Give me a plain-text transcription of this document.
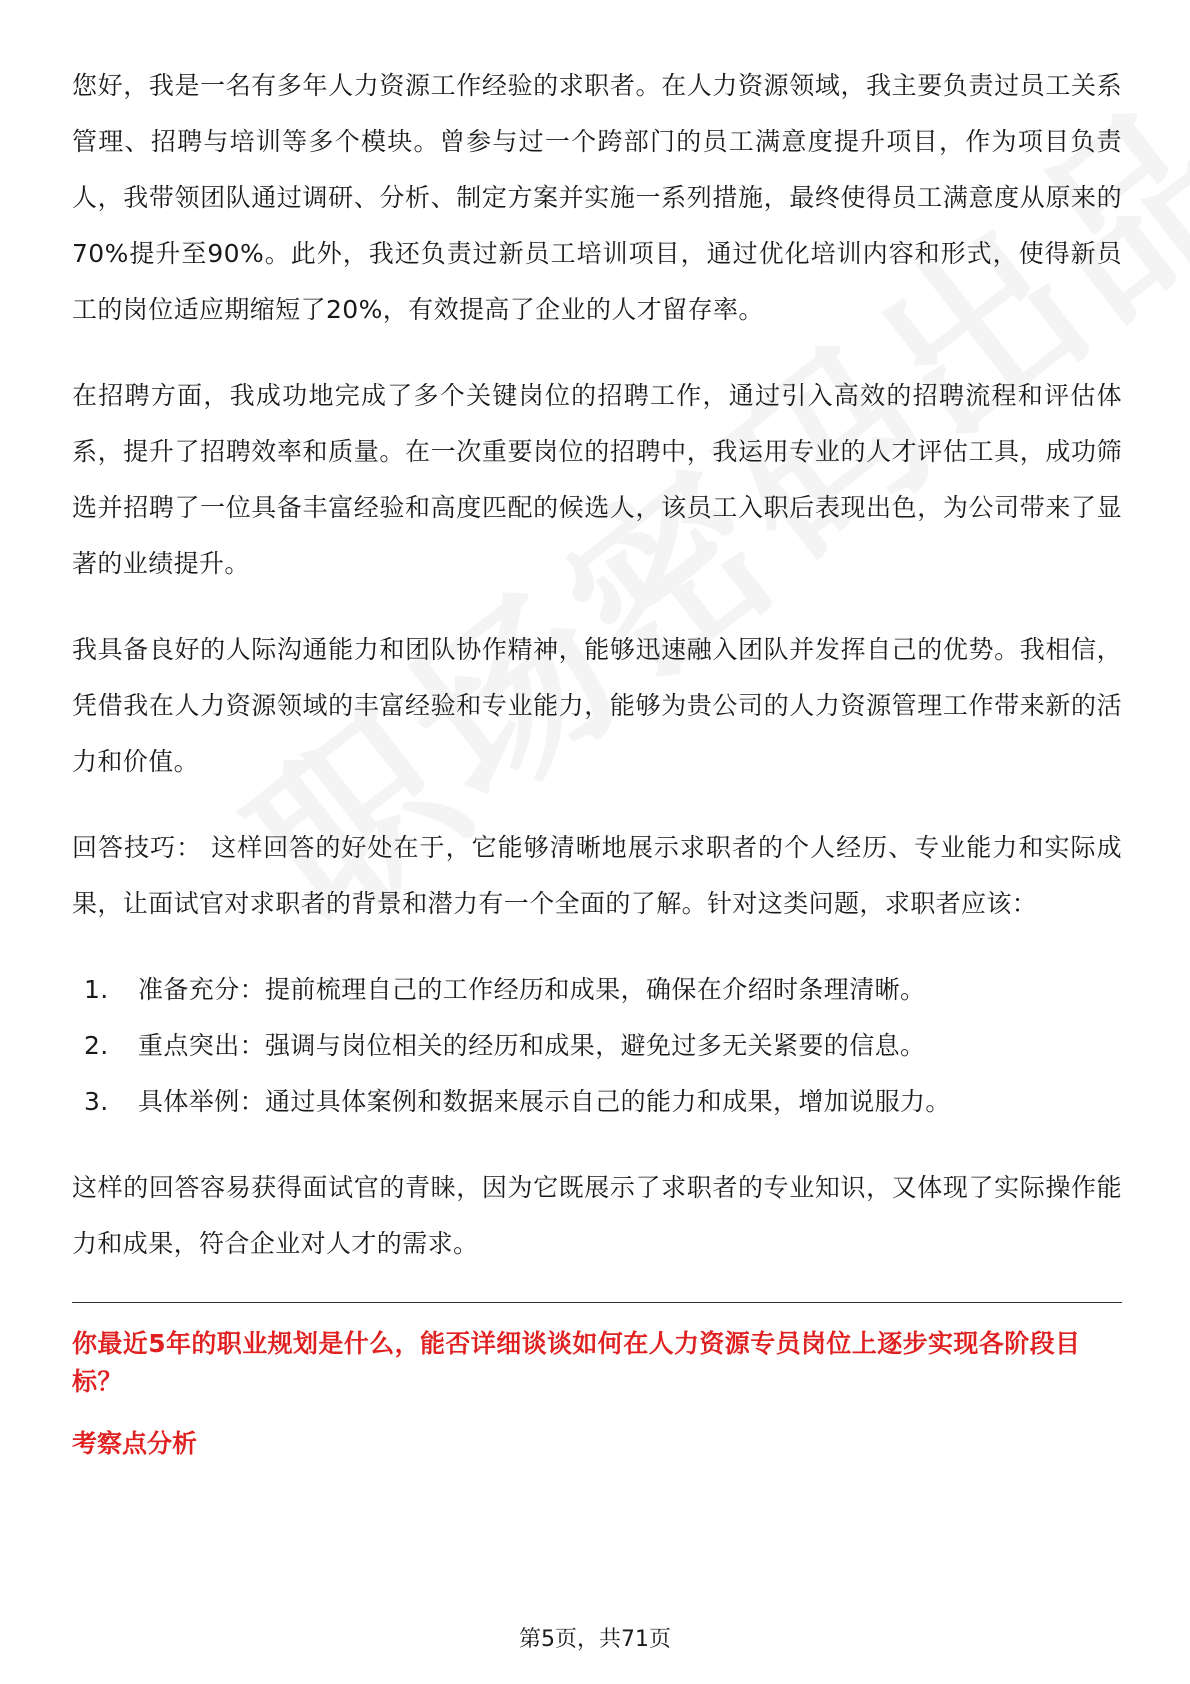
您好，我是一名有多年人力资源工作经验的求职者。在人力资源领域，我主要负责过员工关系管理、招聘与培训等多个模块。曾参与过一个跨部门的员工满意度提升项目，作为项目负责人，我带领团队通过调研、分析、制定方案并实施一系列措施，最终使得员工满意度从原来的70%提升至90%。此外，我还负责过新员工培训项目，通过优化培训内容和形式，使得新员工的岗位适应期缩短了20%，有效提高了企业的人才留存率。

在招聘方面，我成功地完成了多个关键岗位的招聘工作，通过引入高效的招聘流程和评估体系，提升了招聘效率和质量。在一次重要岗位的招聘中，我运用专业的人才评估工具，成功筛选并招聘了一位具备丰富经验和高度匹配的候选人，该员工入职后表现出色，为公司带来了显著的业绩提升。

我具备良好的人际沟通能力和团队协作精神，能够迅速融入团队并发挥自己的优势。我相信，凭借我在人力资源领域的丰富经验和专业能力，能够为贵公司的人力资源管理工作带来新的活力和价值。

回答技巧： 这样回答的好处在于，它能够清晰地展示求职者的个人经历、专业能力和实际成果，让面试官对求职者的背景和潜力有一个全面的了解。针对这类问题，求职者应该：

1.	准备充分：提前梳理自己的工作经历和成果，确保在介绍时条理清晰。
2.	重点突出：强调与岗位相关的经历和成果，避免过多无关紧要的信息。
3.	具体举例：通过具体案例和数据来展示自己的能力和成果，增加说服力。

这样的回答容易获得面试官的青睐，因为它既展示了求职者的专业知识，又体现了实际操作能力和成果，符合企业对人才的需求。

你最近5年的职业规划是什么，能否详细谈谈如何在人力资源专员岗位上逐步实现各阶段目标？
考察点分析
第5页，共71页
